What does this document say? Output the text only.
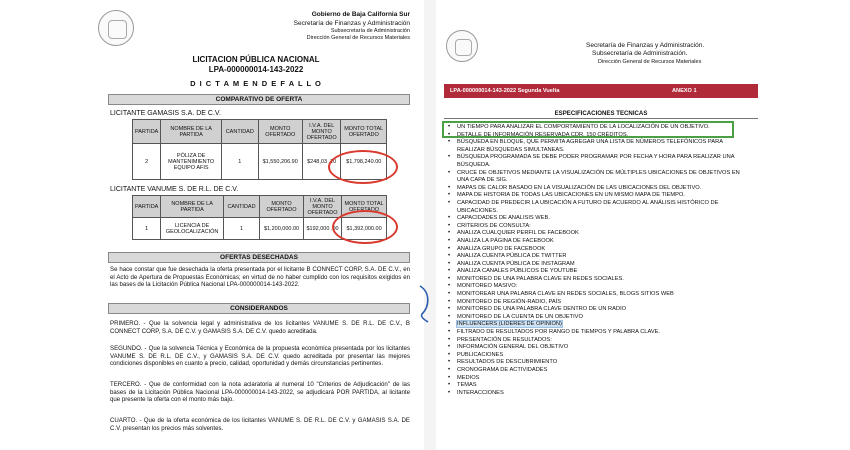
Gobierno de Baja California Sur
Secretaría de Finanzas y Administración
Subsecretaría de Administración
Dirección General de Recursos Materiales
LICITACION PÚBLICA NACIONAL
LPA-000000014-143-2022
D I C T A M E N D E F A L L O
COMPARATIVO DE OFERTA
LICITANTE GAMASIS S.A. DE C.V.
PARTIDA	NOMBRE DE LA PARTIDA	CANTIDAD	MONTO OFERTADO	I.V.A. DEL MONTO OFERTADO	MONTO TOTAL OFERTADO
2	PÓLIZA DE MANTENIMIENTO EQUIPO AFIS	1	$1,550,206.90	$248,03 .10	$1,798,240.00
LICITANTE VANUME S. DE R.L. DE C.V.
PARTIDA	NOMBRE DE LA PARTIDA	CANTIDAD	MONTO OFERTADO	I.V.A. DEL MONTO OFERTADO	MONTO TOTAL OFERTADO
1	LICENCIA DE GEOLOCALIZACIÓN	1	$1,200,000.00	$192,000 .00	$1,392,000.00
OFERTAS DESECHADAS
Se hace constar que fue desechada la oferta presentada por el licitante B CONNECT CORP, S.A. DE C.V., en el Acto de Apertura de Propuestas Económicas; en virtud de no haber cumplido con los requisitos exigidos en las bases de la Licitación Pública Nacional LPA-000000014-143-2022.
CONSIDERANDOS
PRIMERO. - Que la solvencia legal y administrativa de los licitantes VANUME S. DE R.L. DE C.V., B CONNECT CORP, S.A. DE C.V. y GAMASIS S.A. DE C.V. quedo acreditada.
SEGUNDO. - Que la solvencia Técnica y Económica de la propuesta económica presentada por los licitantes VANUME S. DE R.L. DE C.V., y GAMASIS S.A. DE C.V. quedo acreditada por presentar las mejores condiciones disponibles en cuanto a precio, calidad, oportunidad y demás circunstancias pertinentes.
TERCERO. - Que de conformidad con la nota aclaratoria al numeral 10 "Criterios de Adjudicación" de las bases de la Licitación Pública Nacional LPA-000000014-143-2022, se adjudicará POR PARTIDA, al licitante que presente la oferta con el monto más bajo.
CUARTO. - Que de la oferta económica de los licitantes VANUME S. DE R.L. DE C.V. y GAMASIS S.A. DE C.V. presentan los precios más solventes.
Secretaría de Finanzas y Administración.
Subsecretaría de Administración.
Dirección General de Recursos Materiales
LPA-000000014-143-2022 Segunda Vuelta	ANEXO 1
ESPECIFICACIONES TECNICAS
• UN TIEMPO PARA ANALIZAR EL COMPORTAMIENTO DE LA LOCALIZACIÓN DE UN OBJETIVO.
• DETALLE DE INFORMACIÓN RESERVADA CDR, 150 CRÉDITOS.
• BÚSQUEDA EN BLOQUE, QUE PERMITA AGREGAR UNA LISTA DE NÚMEROS TELEFÓNICOS PARA REALIZAR BÚSQUEDAS SIMULTANEAS.
• BÚSQUEDA PROGRAMADA SE DEBE PODER PROGRAMAR POR FECHA Y HORA PARA REALIZAR UNA BÚSQUEDA.
• CRUCE DE OBJETIVOS MEDIANTE LA VISUALIZACIÓN DE MÚLTIPLES UBICACIONES DE OBJETIVOS EN UNA CAPA DE SIG.
• MAPAS DE CALOR BASADO EN LA VISUALIZACIÓN DE LAS UBICACIONES DEL OBJETIVO.
• MAPA DE HISTORIA DE TODAS LAS UBICACIONES EN UN MISMO MAPA DE TIEMPO.
• CAPACIDAD DE PREDECIR LA UBICACIÓN A FUTURO DE ACUERDO AL ANÁLISIS HISTÓRICO DE UBICACIONES.
• CAPACIDADES DE ANALISIS WEB.
• CRITERIOS DE CONSULTA:
• ANALIZA CUALQUIER PERFIL DE FACEBOOK
• ANALIZA LA PÁGINA DE FACEBOOK
• ANALIZA GRUPO DE FACEBOOK
• ANALIZA CUENTA PÚBLICA DE TWITTER
• ANALIZA CUENTA PÚBLICA DE INSTAGRAM
• ANALIZA CANALES PÚBLICOS DE YOUTUBE
• MONITOREO DE UNA PALABRA CLAVE EN REDES SOCIALES.
• MONITOREO MASIVO:
• MONITOREAR UNA PALABRA CLAVE EN REDES SOCIALES, BLOGS SITIOS WEB
• MONITOREO DE REGIÓN-RADIO, PAÍS
• MONITOREO DE UNA PALABRA CLAVE DENTRO DE UN RADIO
• MONITOREO DE LA CUENTA DE UN OBJETIVO
• INFLUENCERS (LÍDERES DE OPINIÓN)
• FILTRADO DE RESULTADOS POR RANGO DE TIEMPOS Y PALABRA CLAVE.
• PRESENTACIÓN DE RESULTADOS:
• INFORMACIÓN GENERAL DEL OBJETIVO
• PUBLICACIONES
• RESULTADOS DE DESCUBRIMIENTO
• CRONOGRAMA DE ACTIVIDADES
• MEDIOS
• TEMAS
• INTERACCIONES
